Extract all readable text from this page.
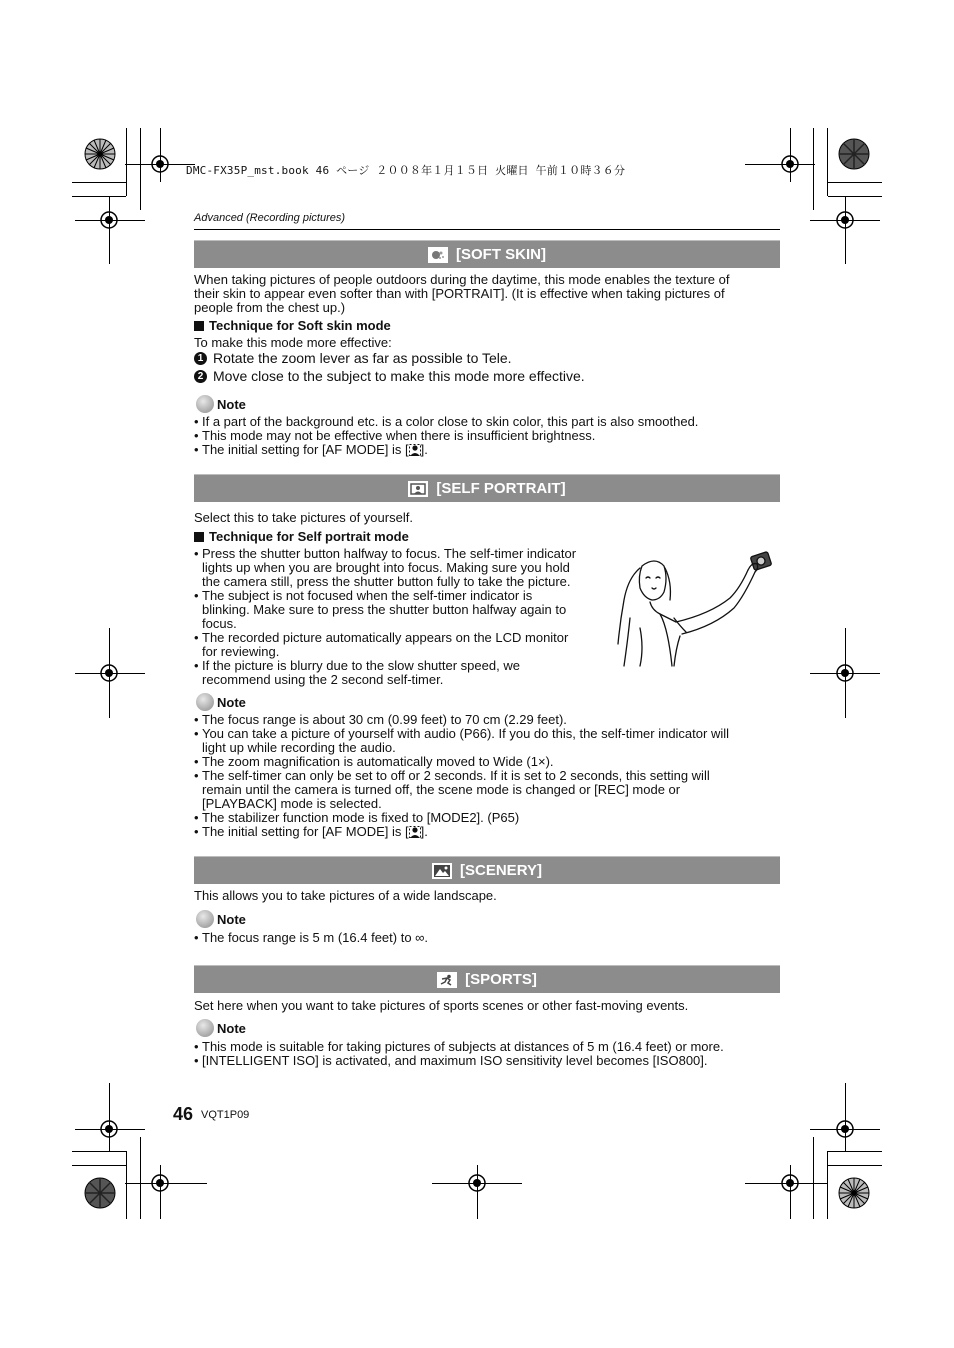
DMC-FX35P_mst.book 46 ページ ２００８年１月１５日 火曜日 午前１０時３６分
Advanced (Recording pictures)
[SOFT SKIN]
When taking pictures of people outdoors during the daytime, this mode enables the texture of
their skin to appear even softer than with [PORTRAIT]. (It is effective when taking pictures of
people from the chest up.)
Technique for Soft skin mode
To make this mode more effective:
1 Rotate the zoom lever as far as possible to Tele.
2 Move close to the subject to make this mode more effective.
Note
• If a part of the background etc. is a color close to skin color, this part is also smoothed.
• This mode may not be effective when there is insufficient brightness.
• The initial setting for [AF MODE] is [ ].
[SELF PORTRAIT]
Select this to take pictures of yourself.
Technique for Self portrait mode
• Press the shutter button halfway to focus. The self-timer indicator
lights up when you are brought into focus. Making sure you hold
the camera still, press the shutter button fully to take the picture.
• The subject is not focused when the self-timer indicator is
blinking. Make sure to press the shutter button halfway again to
focus.
• The recorded picture automatically appears on the LCD monitor
for reviewing.
• If the picture is blurry due to the slow shutter speed, we
recommend using the 2 second self-timer.
Note
• The focus range is about 30 cm (0.99 feet) to 70 cm (2.29 feet).
• You can take a picture of yourself with audio (P66). If you do this, the self-timer indicator will
light up while recording the audio.
• The zoom magnification is automatically moved to Wide (1×).
• The self-timer can only be set to off or 2 seconds. If it is set to 2 seconds, this setting will
remain until the camera is turned off, the scene mode is changed or [REC] mode or
[PLAYBACK] mode is selected.
• The stabilizer function mode is fixed to [MODE2]. (P65)
• The initial setting for [AF MODE] is [ ].
[SCENERY]
This allows you to take pictures of a wide landscape.
Note
• The focus range is 5 m (16.4 feet) to ∞.
[SPORTS]
Set here when you want to take pictures of sports scenes or other fast-moving events.
Note
• This mode is suitable for taking pictures of subjects at distances of 5 m (16.4 feet) or more.
• [INTELLIGENT ISO] is activated, and maximum ISO sensitivity level becomes [ISO800].
46 VQT1P09
